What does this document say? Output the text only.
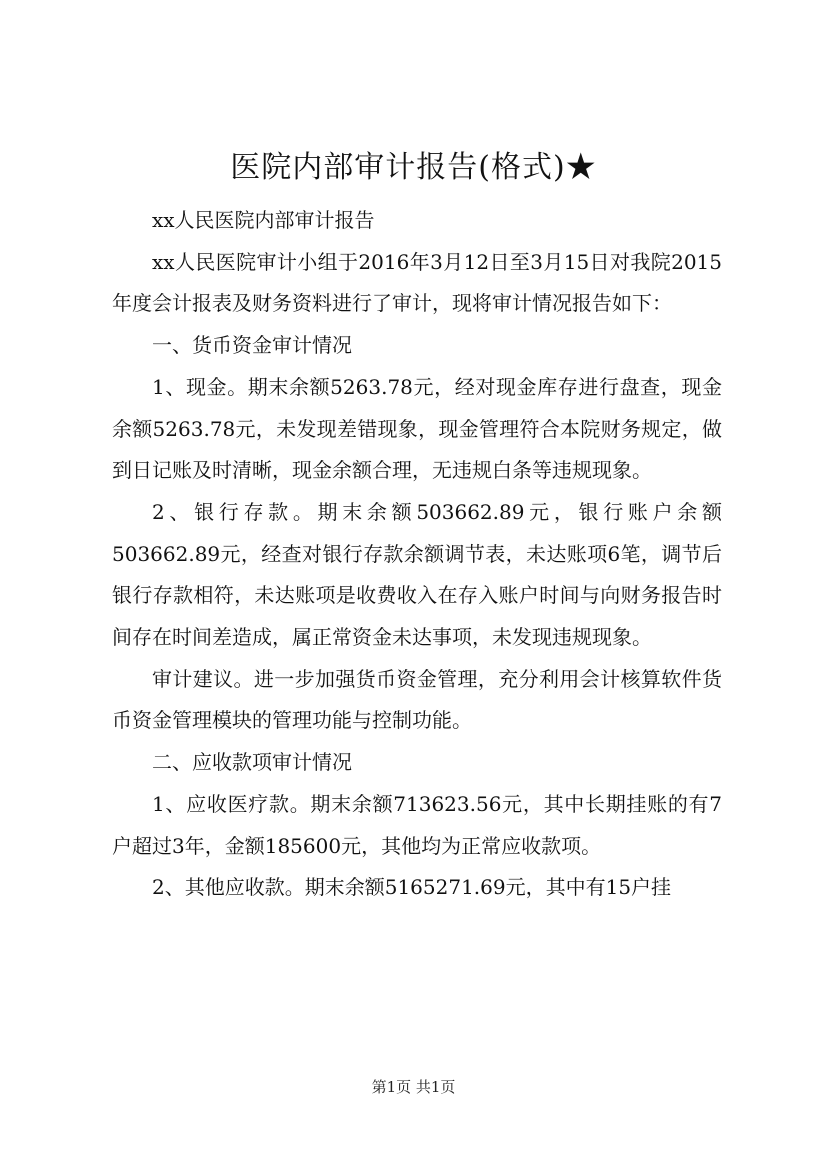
医院内部审计报告(格式)★

xx人民医院内部审计报告

xx人民医院审计小组于2016年3月12日至3月15日对我院2015年度会计报表及财务资料进行了审计，现将审计情况报告如下：

一、货币资金审计情况

1、现金。期末余额5263.78元，经对现金库存进行盘查，现金余额5263.78元，未发现差错现象，现金管理符合本院财务规定，做到日记账及时清晰，现金余额合理，无违规白条等违规现象。

2、银行存款。期末余额503662.89元，银行账户余额503662.89元，经查对银行存款余额调节表，未达账项6笔，调节后银行存款相符，未达账项是收费收入在存入账户时间与向财务报告时间存在时间差造成，属正常资金未达事项，未发现违规现象。

审计建议。进一步加强货币资金管理，充分利用会计核算软件货币资金管理模块的管理功能与控制功能。

二、应收款项审计情况

1、应收医疗款。期末余额713623.56元，其中长期挂账的有7户超过3年，金额185600元，其他均为正常应收款项。

2、其他应收款。期末余额5165271.69元，其中有15户挂

第1页 共1页
